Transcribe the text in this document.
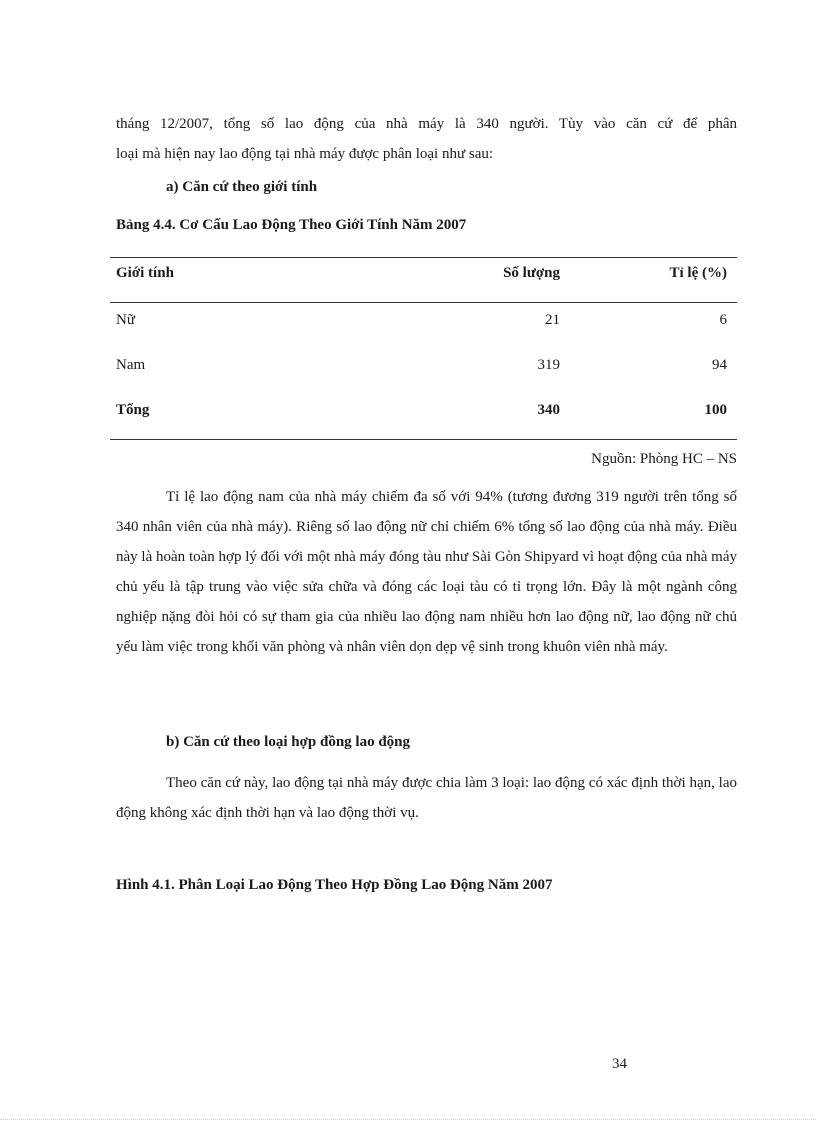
tháng 12/2007, tổng số lao động của nhà máy là 340 người. Tùy vào căn cứ để phân

loại mà hiện nay lao động tại nhà máy được phân loại như sau:

a) Căn cứ theo giới tính

Bảng 4.4. Cơ Cấu Lao Động Theo Giới Tính Năm 2007

Giới tính	Số lượng	Tỉ lệ (%)
Nữ	21	6
Nam	319	94
Tổng	340	100
Nguồn: Phòng HC – NS

Tỉ lệ lao động nam của nhà máy chiếm đa số với 94% (tương đương 319 người trên tổng số 340 nhân viên của nhà máy). Riêng số lao động nữ chỉ chiếm 6% tổng số lao động của nhà máy. Điều này là hoàn toàn hợp lý đối với một nhà máy đóng tàu như Sài Gòn Shipyard vì hoạt động của nhà máy chủ yếu là tập trung vào việc sửa chữa và đóng các loại tàu có tỉ trọng lớn. Đây là một ngành công nghiệp nặng đòi hỏi có sự tham gia của nhiều lao động nam nhiều hơn lao động nữ, lao động nữ chủ yếu làm việc trong khối văn phòng và nhân viên dọn dẹp vệ sinh trong khuôn viên nhà máy.

b) Căn cứ theo loại hợp đồng lao động

Theo căn cứ này, lao động tại nhà máy được chia làm 3 loại: lao động có xác định thời hạn, lao động không xác định thời hạn và lao động thời vụ.

Hình 4.1. Phân Loại Lao Động Theo Hợp Đồng Lao Động Năm 2007

34
